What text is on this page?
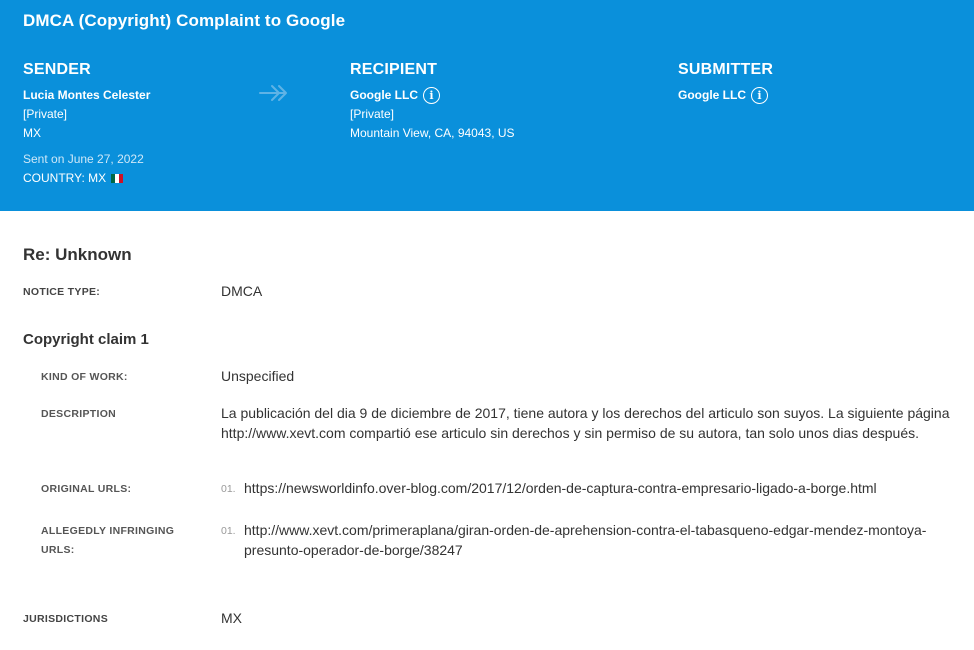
DMCA (Copyright) Complaint to Google
SENDER
Lucia Montes Celester
[Private]
MX
Sent on June 27, 2022
COUNTRY: MX
RECIPIENT
Google LLC	i
[Private]
Mountain View, CA, 94043, US
SUBMITTER
Google LLC	i
Re: Unknown
NOTICE TYPE:	DMCA
Copyright claim 1
KIND OF WORK:	Unspecified
DESCRIPTION	La publicación del dia 9 de diciembre de 2017, tiene autora y los derechos del articulo son suyos. La siguiente página http://www.xevt.com compartió ese articulo sin derechos y sin permiso de su autora, tan solo unos dias después.
ORIGINAL URLS:	01. https://newsworldinfo.over-blog.com/2017/12/orden-de-captura-contra-empresario-ligado-a-borge.html
ALLEGEDLY INFRINGING
URLS:
01. http://www.xevt.com/primeraplana/giran-orden-de-aprehension-contra-el-tabasqueno-edgar-mendez-montoya-presunto-operador-de-borge/38247
JURISDICTIONS	MX
